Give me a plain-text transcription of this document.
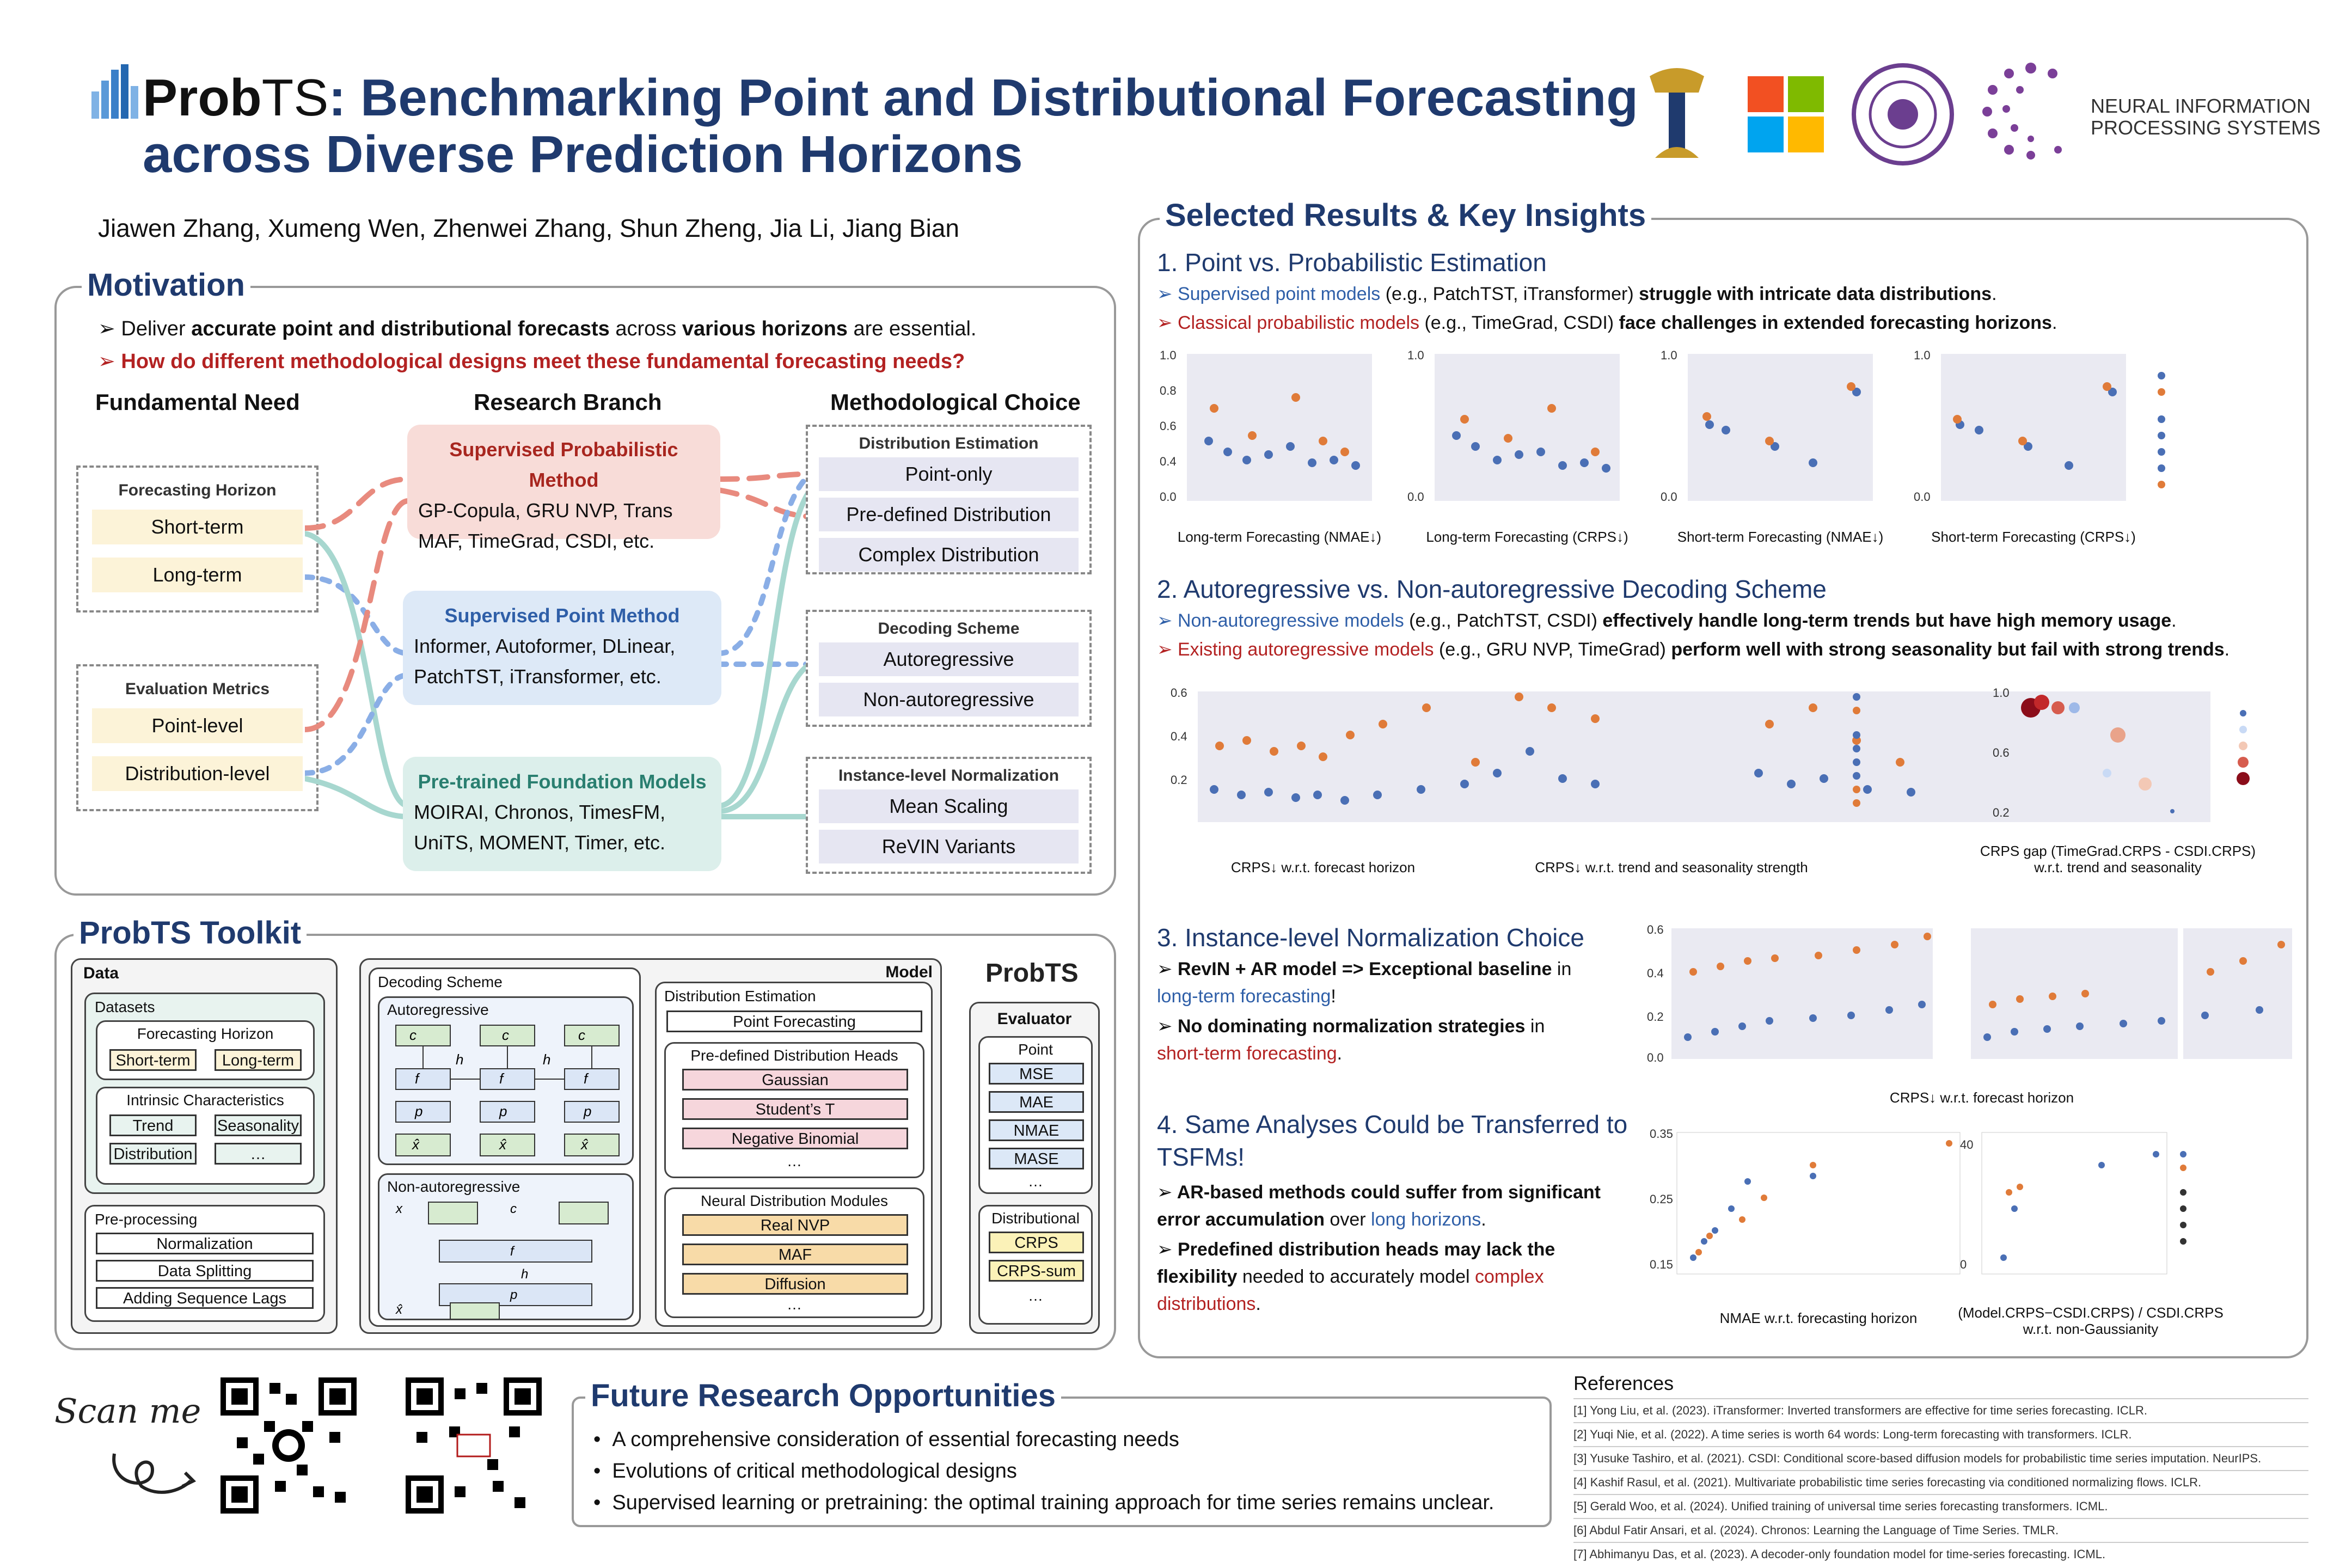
ProbTS: Benchmarking Point and Distributional Forecasting
across Diverse Prediction Horizons
Jiawen Zhang, Xumeng Wen, Zhenwei Zhang, Shun Zheng, Jia Li, Jiang Bian
NEURAL INFORMATION
PROCESSING SYSTEMS
Motivation
➢ Deliver accurate point and distributional forecasts across various horizons are essential.
➢ How do different methodological designs meet these fundamental forecasting needs?
Fundamental Need	Research Branch	Methodological Choice
Forecasting Horizon
Short-term
Long-term
Evaluation Metrics
Point-level
Distribution-level
Supervised Probabilistic Method
GP-Copula, GRU NVP, Trans MAF, TimeGrad, CSDI, etc.
Supervised Point Method
Informer, Autoformer, DLinear, PatchTST, iTransformer, etc.
Pre-trained Foundation Models
MOIRAI, Chronos, TimesFM, UniTS, MOMENT, Timer, etc.
Distribution Estimation
Point-only
Pre-defined Distribution
Complex Distribution
Decoding Scheme
Autoregressive
Non-autoregressive
Instance-level Normalization
Mean Scaling
ReVIN Variants
ProbTS Toolkit
Data
Datasets
Forecasting Horizon
Short-term	Long-term
Intrinsic Characteristics
Trend	Seasonality
Distribution	…
Pre-processing
Normalization
Data Splitting
Adding Sequence Lags
Model
Decoding Scheme
Autoregressive
c	c	c
f	f	f
p	p	p
x̂	x̂	x̂
h	h
Non-autoregressive
x	c
f
h
p
x̂
Distribution Estimation
Point Forecasting
Pre-defined Distribution Heads
Gaussian
Student’s T
Negative Binomial
…
Neural Distribution Modules
Real NVP
MAF
Diffusion
…
ProbTS
Evaluator
Point
MSE
MAE
NMAE
MASE
…
Distributional
CRPS
CRPS-sum
…
Selected Results & Key Insights
1. Point vs. Probabilistic Estimation
➢ Supervised point models (e.g., PatchTST, iTransformer) struggle with intricate data distributions.
➢ Classical probabilistic models (e.g., TimeGrad, CSDI) face challenges in extended forecasting horizons.
1.0
0.8
0.6
0.4
0.0
1.0
0.0
1.0
0.0
1.0
0.0
Long-term Forecasting (NMAE↓)	Long-term Forecasting (CRPS↓)	Short-term Forecasting (NMAE↓)	Short-term Forecasting (CRPS↓)
2. Autoregressive vs. Non-autoregressive Decoding Scheme
➢ Non-autoregressive models (e.g., PatchTST, CSDI) effectively handle long-term trends but have high memory usage.
➢ Existing autoregressive models (e.g., GRU NVP, TimeGrad) perform well with strong seasonality but fail with strong trends.
0.6
0.4
0.2
1.0
0.6
0.2
CRPS↓ w.r.t. forecast horizon	CRPS↓ w.r.t. trend and seasonality strength
CRPS gap (TimeGrad.CRPS - CSDI.CRPS)
w.r.t. trend and seasonality
3. Instance-level Normalization Choice
➢ RevIN + AR model => Exceptional baseline in
long-term forecasting!
➢ No dominating normalization strategies in
short-term forecasting.
0.6
0.4
0.2
0.0
CRPS↓ w.r.t. forecast horizon
4. Same Analyses Could be Transferred to TSFMs!
➢ AR-based methods could suffer from significant
error accumulation over long horizons.
➢ Predefined distribution heads may lack the flexibility needed to accurately model complex distributions.
0.35
0.25
0.15
40
0
NMAE w.r.t. forecasting horizon	(Model.CRPS−CSDI.CRPS) / CSDI.CRPS
w.r.t. non-Gaussianity
Scan me	Future Research Opportunities
•  A comprehensive consideration of essential forecasting needs
•  Evolutions of critical methodological designs
•  Supervised learning or pretraining: the optimal training approach for time series remains unclear.
References
[1] Yong Liu, et al. (2023). iTransformer: Inverted transformers are effective for time series forecasting. ICLR.
[2] Yuqi Nie, et al. (2022). A time series is worth 64 words: Long-term forecasting with transformers. ICLR.
[3] Yusuke Tashiro, et al. (2021). CSDI: Conditional score-based diffusion models for probabilistic time series imputation. NeurIPS.
[4] Kashif Rasul, et al. (2021). Multivariate probabilistic time series forecasting via conditioned normalizing flows. ICLR.
[5] Gerald Woo, et al. (2024). Unified training of universal time series forecasting transformers. ICML.
[6] Abdul Fatir Ansari, et al. (2024). Chronos: Learning the Language of Time Series. TMLR.
[7] Abhimanyu Das, et al. (2023). A decoder-only foundation model for time-series forecasting. ICML.
